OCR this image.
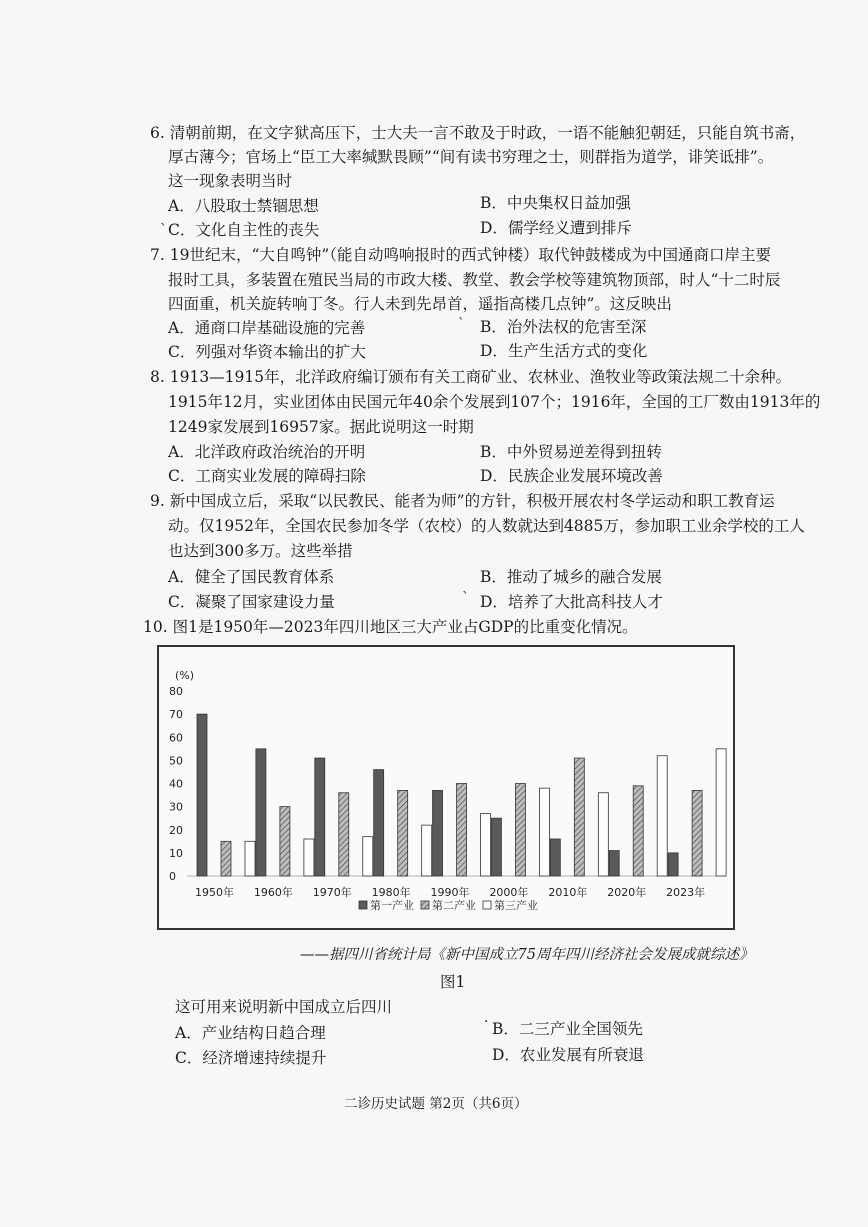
6. 清朝前期，在文字狱高压下，士大夫一言不敢及于时政，一语不能触犯朝廷，只能自筑书斋，
厚古薄今；官场上“臣工大率缄默畏顾”“间有读书穷理之士，则群指为道学，诽笑诋排”。
这一现象表明当时
A．八股取士禁锢思想	B．中央集权日益加强
C．文化自主性的丧失	D．儒学经义遭到排斥
ˋ
7. 19世纪末，“大自鸣钟”（能自动鸣响报时的西式钟楼）取代钟鼓楼成为中国通商口岸主要
报时工具，多装置在殖民当局的市政大楼、教堂、教会学校等建筑物顶部，时人“十二时辰
四面重，机关旋转响丁冬。行人未到先昂首，遥指高楼几点钟”。这反映出
A．通商口岸基础设施的完善	B．治外法权的危害至深
C．列强对华资本输出的扩大	D．生产生活方式的变化
ˋ
8. 1913—1915年，北洋政府编订颁布有关工商矿业、农林业、渔牧业等政策法规二十余种。
1915年12月，实业团体由民国元年40余个发展到107个；1916年，全国的工厂数由1913年的
1249家发展到16957家。据此说明这一时期
A．北洋政府政治统治的开明	B．中外贸易逆差得到扭转
C．工商实业发展的障碍扫除	D．民族企业发展环境改善
9. 新中国成立后，采取“以民教民、能者为师”的方针，积极开展农村冬学运动和职工教育运
动。仅1952年，全国农民参加冬学（农校）的人数就达到4885万，参加职工业余学校的工人
也达到300多万。这些举措
A．健全了国民教育体系	B．推动了城乡的融合发展
C．凝聚了国家建设力量	D．培养了大批高科技人才
ˋ
10. 图1是1950年—2023年四川地区三大产业占GDP的比重变化情况。
(%)
0
10
20
30
40
50
60
70
80
1950年 1960年 1970年 1980年 1990年 2000年 2010年 2020年 2023年
第一产业 第二产业 第三产业
——据四川省统计局《新中国成立75周年四川经济社会发展成就综述》
图1
这可用来说明新中国成立后四川
A．产业结构日趋合理	B．二三产业全国领先
C．经济增速持续提升	D．农业发展有所衰退
·
二诊历史试题 第2页（共6页）
